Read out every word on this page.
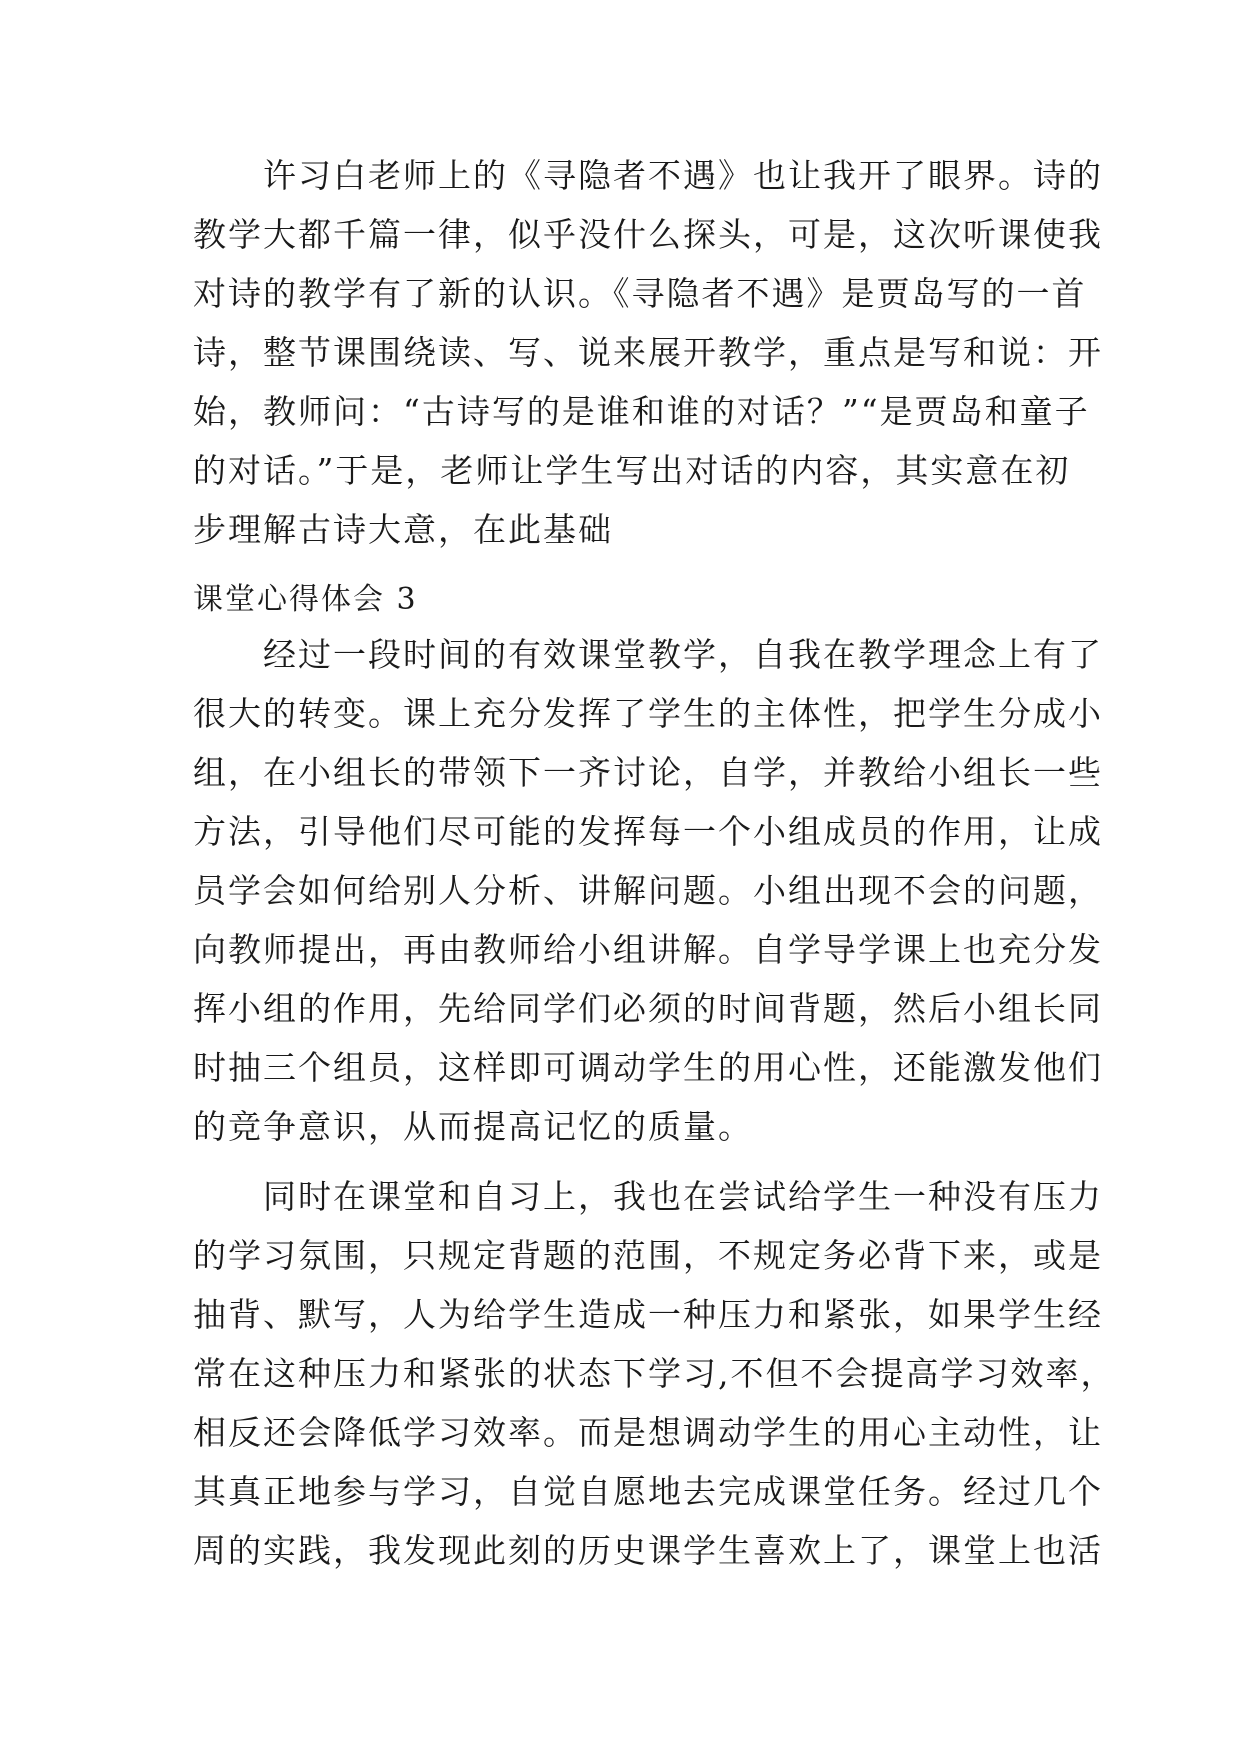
　　许习白老师上的《寻隐者不遇》也让我开了眼界。诗的
教学大都千篇一律，似乎没什么探头，可是，这次听课使我
对诗的教学有了新的认识。《寻隐者不遇》是贾岛写的一首
诗，整节课围绕读、写、说来展开教学，重点是写和说：开
始，教师问：“古诗写的是谁和谁的对话？”“是贾岛和童子
的对话。”于是，老师让学生写出对话的内容，其实意在初
步理解古诗大意，在此基础
课堂心得体会 3
　　经过一段时间的有效课堂教学，自我在教学理念上有了
很大的转变。课上充分发挥了学生的主体性，把学生分成小
组，在小组长的带领下一齐讨论，自学，并教给小组长一些
方法，引导他们尽可能的发挥每一个小组成员的作用，让成
员学会如何给别人分析、讲解问题。小组出现不会的问题，
向教师提出，再由教师给小组讲解。自学导学课上也充分发
挥小组的作用，先给同学们必须的时间背题，然后小组长同
时抽三个组员，这样即可调动学生的用心性，还能激发他们
的竞争意识，从而提高记忆的质量。
　　同时在课堂和自习上，我也在尝试给学生一种没有压力
的学习氛围，只规定背题的范围，不规定务必背下来，或是
抽背、默写，人为给学生造成一种压力和紧张，如果学生经
常在这种压力和紧张的状态下学习,不但不会提高学习效率，
相反还会降低学习效率。而是想调动学生的用心主动性，让
其真正地参与学习，自觉自愿地去完成课堂任务。经过几个
周的实践，我发现此刻的历史课学生喜欢上了，课堂上也活
